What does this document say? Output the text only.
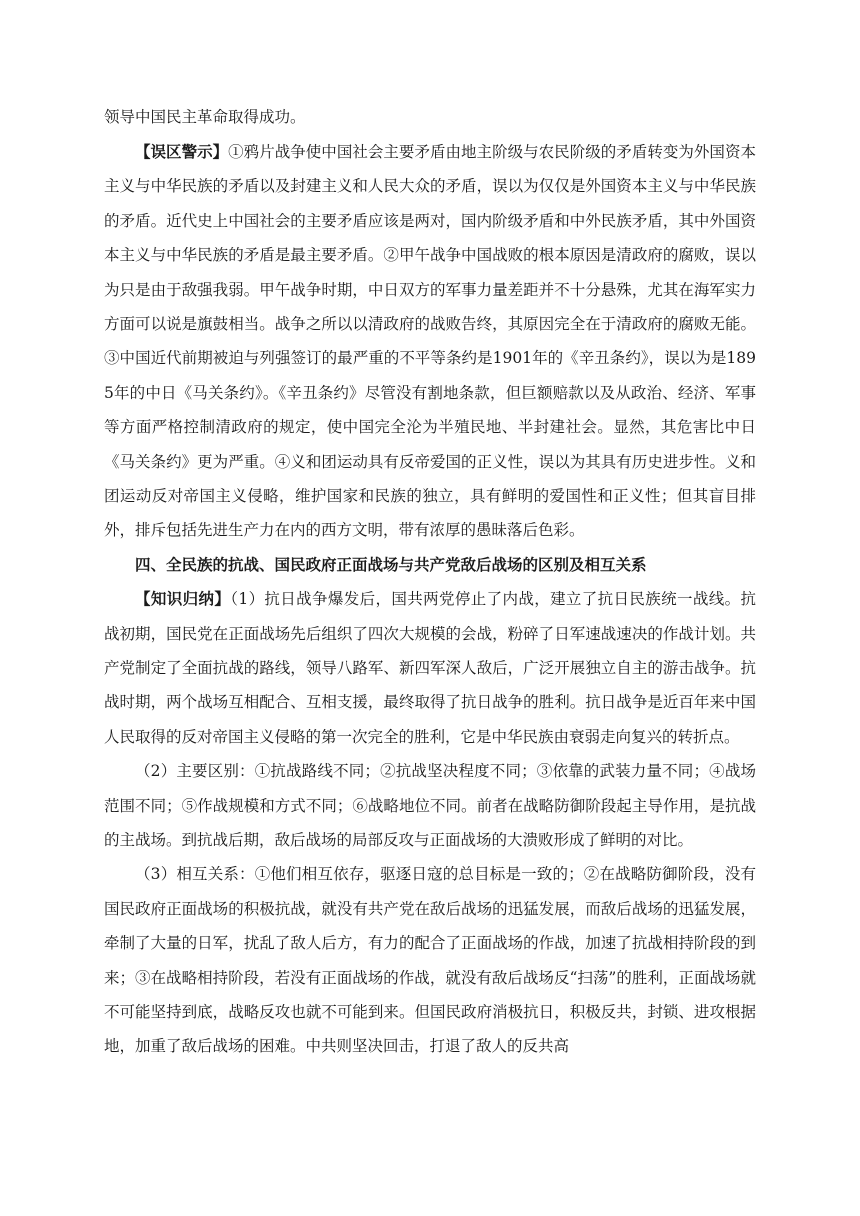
领导中国民主革命取得成功。

【误区警示】①鸦片战争使中国社会主要矛盾由地主阶级与农民阶级的矛盾转变为外国资本主义与中华民族的矛盾以及封建主义和人民大众的矛盾，误以为仅仅是外国资本主义与中华民族的矛盾。近代史上中国社会的主要矛盾应该是两对，国内阶级矛盾和中外民族矛盾，其中外国资本主义与中华民族的矛盾是最主要矛盾。②甲午战争中国战败的根本原因是清政府的腐败，误以为只是由于敌强我弱。甲午战争时期，中日双方的军事力量差距并不十分悬殊，尤其在海军实力方面可以说是旗鼓相当。战争之所以以清政府的战败告终，其原因完全在于清政府的腐败无能。③中国近代前期被迫与列强签订的最严重的不平等条约是1901年的《辛丑条约》，误以为是1895年的中日《马关条约》。《辛丑条约》尽管没有割地条款，但巨额赔款以及从政治、经济、军事等方面严格控制清政府的规定，使中国完全沦为半殖民地、半封建社会。显然，其危害比中日《马关条约》更为严重。④义和团运动具有反帝爱国的正义性，误以为其具有历史进步性。义和团运动反对帝国主义侵略，维护国家和民族的独立，具有鲜明的爱国性和正义性；但其盲目排外，排斥包括先进生产力在内的西方文明，带有浓厚的愚昧落后色彩。

四、全民族的抗战、国民政府正面战场与共产党敌后战场的区别及相互关系

【知识归纳】（1）抗日战争爆发后，国共两党停止了内战，建立了抗日民族统一战线。抗战初期，国民党在正面战场先后组织了四次大规模的会战，粉碎了日军速战速决的作战计划。共产党制定了全面抗战的路线，领导八路军、新四军深人敌后，广泛开展独立自主的游击战争。抗战时期，两个战场互相配合、互相支援，最终取得了抗日战争的胜利。抗日战争是近百年来中国人民取得的反对帝国主义侵略的第一次完全的胜利，它是中华民族由衰弱走向复兴的转折点。

（2）主要区别：①抗战路线不同；②抗战坚决程度不同；③依靠的武装力量不同；④战场范围不同；⑤作战规模和方式不同；⑥战略地位不同。前者在战略防御阶段起主导作用，是抗战的主战场。到抗战后期，敌后战场的局部反攻与正面战场的大溃败形成了鲜明的对比。

（3）相互关系：①他们相互依存，驱逐日寇的总目标是一致的；②在战略防御阶段，没有国民政府正面战场的积极抗战，就没有共产党在敌后战场的迅猛发展，而敌后战场的迅猛发展，牵制了大量的日军，扰乱了敌人后方，有力的配合了正面战场的作战，加速了抗战相持阶段的到来；③在战略相持阶段，若没有正面战场的作战，就没有敌后战场反“扫荡”的胜利，正面战场就不可能坚持到底，战略反攻也就不可能到来。但国民政府消极抗日，积极反共，封锁、进攻根据地，加重了敌后战场的困难。中共则坚决回击，打退了敌人的反共高
